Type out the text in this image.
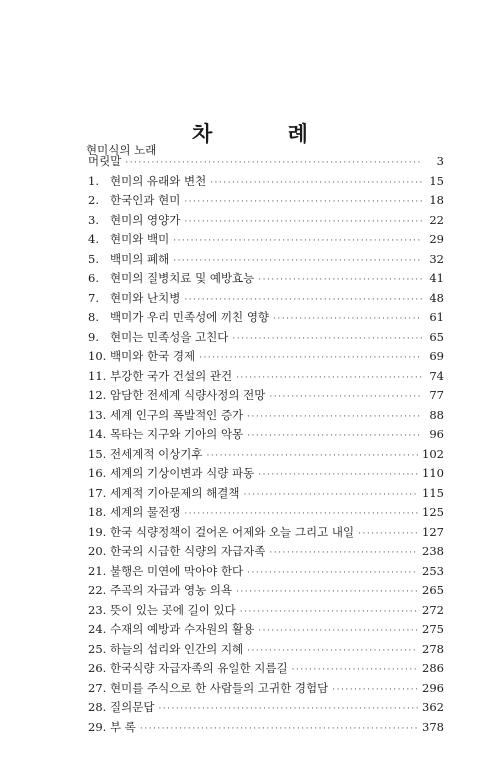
차 례
현미식의 노래
머릿말 ·····	3
1. 현미의 유래와 변천 ·····	15
2. 한국인과 현미 ·····	18
3. 현미의 영양가 ·····	22
4. 현미와 백미 ·····	29
5. 백미의 폐해 ·····	32
6. 현미의 질병치료 및 예방효능 ·····	41
7. 현미와 난치병 ·····	48
8. 백미가 우리 민족성에 끼친 영향 ·····	61
9. 현미는 민족성을 고친다 ·····	65
10. 백미와 한국 경제 ·····	69
11. 부강한 국가 건설의 관건 ·····	74
12. 암담한 전세계 식량사정의 전망 ·····	77
13. 세계 인구의 폭발적인 증가 ·····	88
14. 목타는 지구와 기아의 악몽 ·····	96
15. 전세계적 이상기후 ·····	102
16. 세계의 기상이변과 식량 파동 ·····	110
17. 세계적 기아문제의 해결책 ·····	115
18. 세계의 물전쟁 ·····	125
19. 한국 식량정책이 걸어온 어제와 오늘 그리고 내일 ·····	127
20. 한국의 시급한 식량의 자급자족 ·····	238
21. 불행은 미연에 막아야 한다 ·····	253
22. 주곡의 자급과 영농 의욕 ·····	265
23. 뜻이 있는 곳에 길이 있다 ·····	272
24. 수재의 예방과 수자원의 활용 ·····	275
25. 하늘의 섭리와 인간의 지혜 ·····	278
26. 한국식량 자급자족의 유일한 지름길 ·····	286
27. 현미를 주식으로 한 사람들의 고귀한 경험담 ·····	296
28. 질의문답 ·····	362
29. 부 록 ·····	378
